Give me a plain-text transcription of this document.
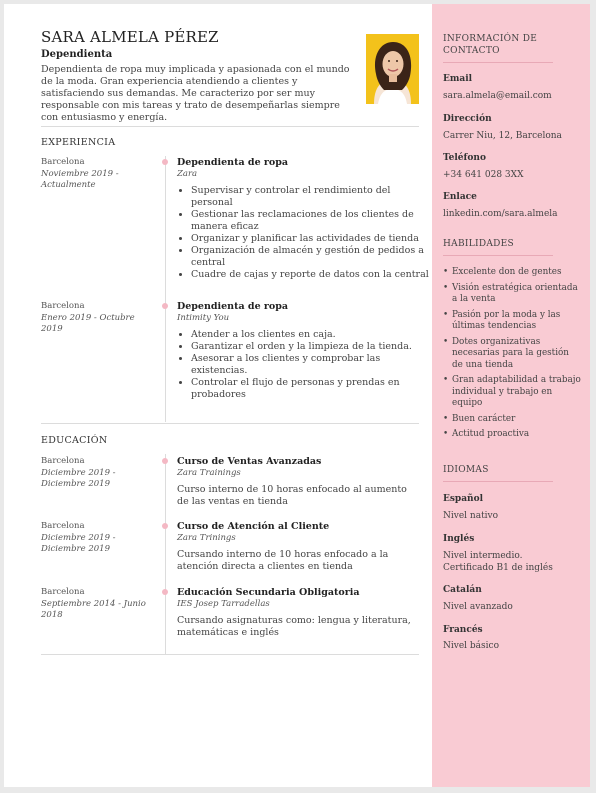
SARA ALMELA PÉREZ
Dependienta
Dependienta de ropa muy implicada y apasionada con el mundo de la moda. Gran experiencia atendiendo a clientes y satisfaciendo sus demandas. Me caracterizo por ser muy responsable con mis tareas y trato de desempeñarlas siempre con entusiasmo y energía.
EXPERIENCIA
Barcelona
Noviembre 2019 - Actualmente
Dependienta de ropa
Zara
• Supervisar y controlar el rendimiento del personal
• Gestionar las reclamaciones de los clientes de manera eficaz
• Organizar y planificar las actividades de tienda
• Organización de almacén y gestión de pedidos a central
• Cuadre de cajas y reporte de datos con la central
Barcelona
Enero 2019 - Octubre 2019
Dependienta de ropa
Intimity You
• Atender a los clientes en caja.
• Garantizar el orden y la limpieza de la tienda.
• Asesorar a los clientes y comprobar las existencias.
• Controlar el flujo de personas y prendas en probadores
EDUCACIÓN
Barcelona
Diciembre 2019 - Diciembre 2019
Curso de Ventas Avanzadas
Zara Trainings
Curso interno de 10 horas enfocado al aumento de las ventas en tienda
Barcelona
Diciembre 2019 - Diciembre 2019
Curso de Atención al Cliente
Zara Trinings
Cursando interno de 10 horas enfocado a la atención directa a clientes en tienda
Barcelona
Septiembre 2014 - Junio 2018
Educación Secundaria Obligatoria
IES Josep Tarradellas
Cursando asignaturas como: lengua y literatura, matemáticas e inglés
INFORMACIÓN DE CONTACTO
Email
sara.almela@email.com
Dirección
Carrer Niu, 12, Barcelona
Teléfono
+34 641 028 3XX
Enlace
linkedin.com/sara.almela
HABILIDADES
• Excelente don de gentes
• Visión estratégica orientada a la venta
• Pasión por la moda y las últimas tendencias
• Dotes organizativas necesarias para la gestión de una tienda
• Gran adaptabilidad a trabajo individual y trabajo en equipo
• Buen carácter
• Actitud proactiva
IDIOMAS
Español
Nivel nativo
Inglés
Nivel intermedio. Certificado B1 de inglés
Catalán
Nivel avanzado
Francés
Nivel básico
